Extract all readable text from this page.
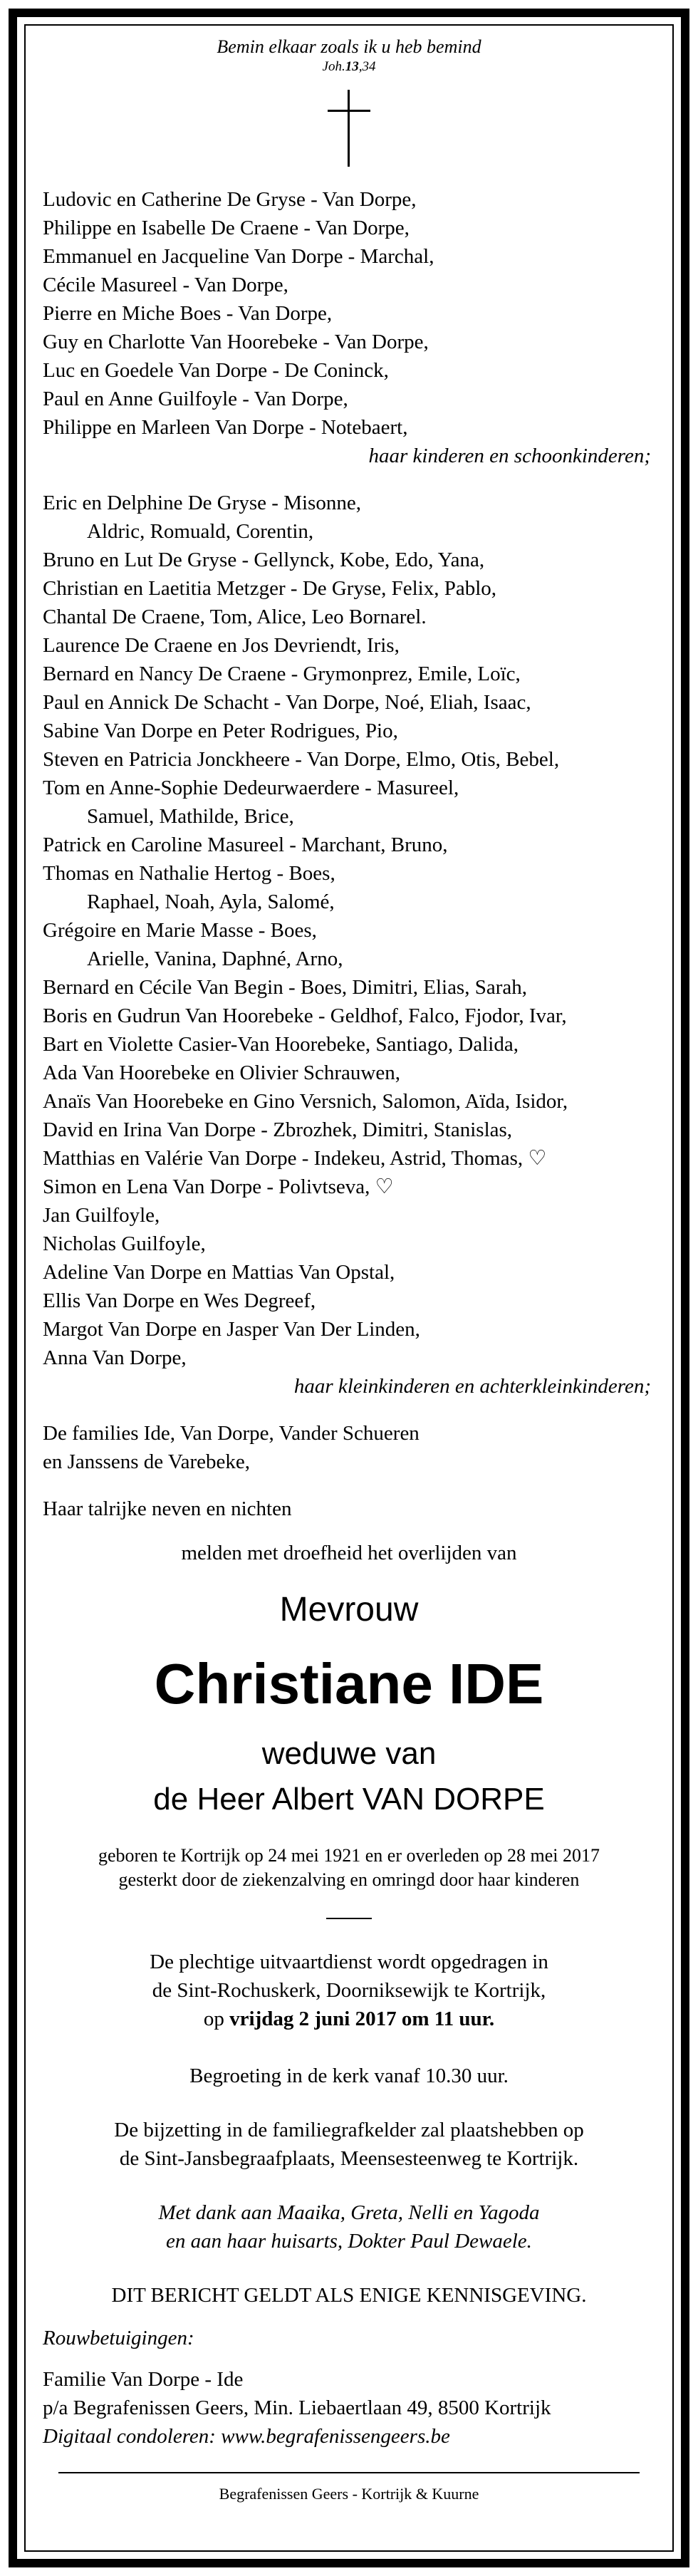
Bemin elkaar zoals ik u heb bemind
Joh.13,34
Ludovic en Catherine De Gryse - Van Dorpe,
Philippe en Isabelle De Craene - Van Dorpe,
Emmanuel en Jacqueline Van Dorpe - Marchal,
Cécile Masureel - Van Dorpe,
Pierre en Miche Boes - Van Dorpe,
Guy en Charlotte Van Hoorebeke - Van Dorpe,
Luc en Goedele Van Dorpe - De Coninck,
Paul en Anne Guilfoyle - Van Dorpe,
Philippe en Marleen Van Dorpe - Notebaert,
haar kinderen en schoonkinderen;
Eric en Delphine De Gryse - Misonne,
Aldric, Romuald, Corentin,
Bruno en Lut De Gryse - Gellynck, Kobe, Edo, Yana,
Christian en Laetitia Metzger - De Gryse, Felix, Pablo,
Chantal De Craene, Tom, Alice, Leo Bornarel.
Laurence De Craene en Jos Devriendt, Iris,
Bernard en Nancy De Craene - Grymonprez, Emile, Loïc,
Paul en Annick De Schacht - Van Dorpe, Noé, Eliah, Isaac,
Sabine Van Dorpe en Peter Rodrigues, Pio,
Steven en Patricia Jonckheere - Van Dorpe, Elmo, Otis, Bebel,
Tom en Anne-Sophie Dedeurwaerdere - Masureel,
Samuel, Mathilde, Brice,
Patrick en Caroline Masureel - Marchant, Bruno,
Thomas en Nathalie Hertog - Boes,
Raphael, Noah, Ayla, Salomé,
Grégoire en Marie Masse - Boes,
Arielle, Vanina, Daphné, Arno,
Bernard en Cécile Van Begin - Boes, Dimitri, Elias, Sarah,
Boris en Gudrun Van Hoorebeke - Geldhof, Falco, Fjodor, Ivar,
Bart en Violette Casier-Van Hoorebeke, Santiago, Dalida,
Ada Van Hoorebeke en Olivier Schrauwen,
Anaïs Van Hoorebeke en Gino Versnich, Salomon, Aïda, Isidor,
David en Irina Van Dorpe - Zbrozhek, Dimitri, Stanislas,
Matthias en Valérie Van Dorpe - Indekeu, Astrid, Thomas, ♡
Simon en Lena Van Dorpe - Polivtseva, ♡
Jan Guilfoyle,
Nicholas Guilfoyle,
Adeline Van Dorpe en Mattias Van Opstal,
Ellis Van Dorpe en Wes Degreef,
Margot Van Dorpe en Jasper Van Der Linden,
Anna Van Dorpe,
haar kleinkinderen en achterkleinkinderen;
De families Ide, Van Dorpe, Vander Schueren
en Janssens de Varebeke,
Haar talrijke neven en nichten
melden met droefheid het overlijden van
Mevrouw
Christiane IDE
weduwe van
de Heer Albert VAN DORPE
geboren te Kortrijk op 24 mei 1921 en er overleden op 28 mei 2017
gesterkt door de ziekenzalving en omringd door haar kinderen
De plechtige uitvaartdienst wordt opgedragen in
de Sint-Rochuskerk, Doorniksewijk te Kortrijk,
op vrijdag 2 juni 2017 om 11 uur.
Begroeting in de kerk vanaf 10.30 uur.
De bijzetting in de familiegrafkelder zal plaatshebben op
de Sint-Jansbegraafplaats, Meensesteenweg te Kortrijk.
Met dank aan Maaika, Greta, Nelli en Yagoda
en aan haar huisarts, Dokter Paul Dewaele.
DIT BERICHT GELDT ALS ENIGE KENNISGEVING.
Rouwbetuigingen:
Familie Van Dorpe - Ide
p/a Begrafenissen Geers, Min. Liebaertlaan 49, 8500 Kortrijk
Digitaal condoleren: www.begrafenissengeers.be
Begrafenissen Geers - Kortrijk & Kuurne
